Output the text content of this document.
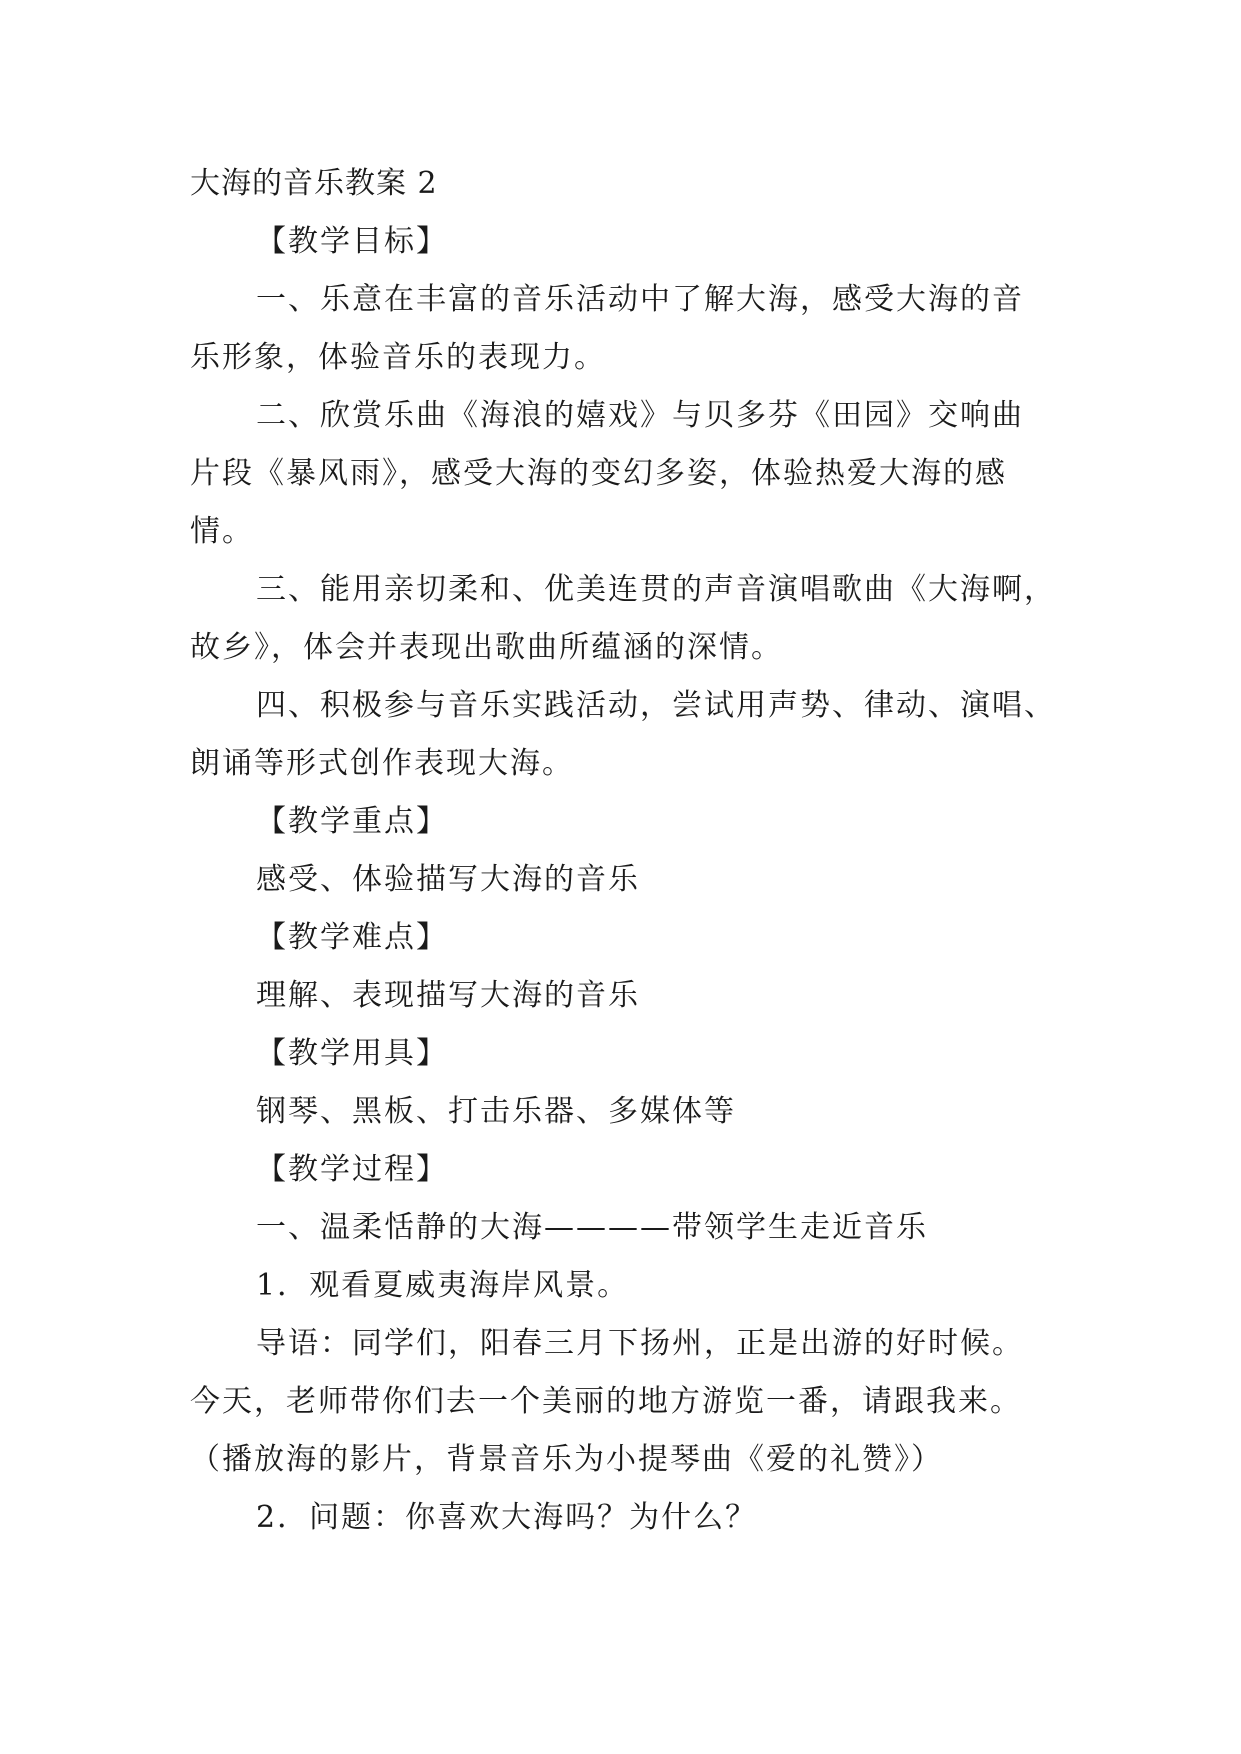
大海的音乐教案 2
【教学目标】
一、乐意在丰富的音乐活动中了解大海，感受大海的音
乐形象，体验音乐的表现力。
二、欣赏乐曲《海浪的嬉戏》与贝多芬《田园》交响曲
片段《暴风雨》，感受大海的变幻多姿，体验热爱大海的感
情。
三、能用亲切柔和、优美连贯的声音演唱歌曲《大海啊，
故乡》，体会并表现出歌曲所蕴涵的深情。
四、积极参与音乐实践活动，尝试用声势、律动、演唱、
朗诵等形式创作表现大海。
【教学重点】
感受、体验描写大海的音乐
【教学难点】
理解、表现描写大海的音乐
【教学用具】
钢琴、黑板、打击乐器、多媒体等
【教学过程】
一、温柔恬静的大海————带领学生走近音乐
1．观看夏威夷海岸风景。
导语：同学们，阳春三月下扬州，正是出游的好时候。
今天，老师带你们去一个美丽的地方游览一番，请跟我来。
（播放海的影片，背景音乐为小提琴曲《爱的礼赞》）
2．问题：你喜欢大海吗？为什么？
